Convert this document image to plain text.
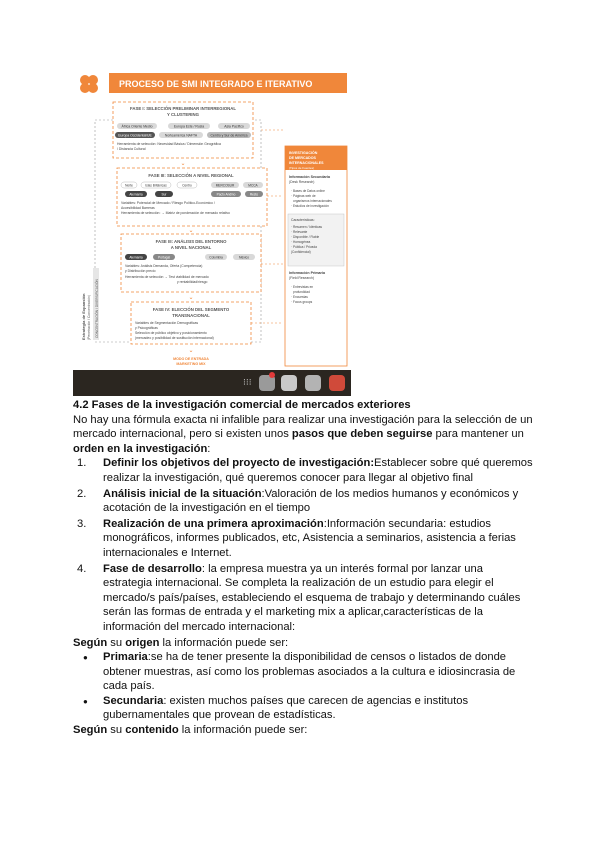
PROCESO DE SMI INTEGRADO E ITERATIVO
FASE I: SELECCIÓN PRELIMINAR INTERREGIONAL
Y CLUSTERING
África Oriente Medio	Europa Este / Rusia	Asia Pacífico
Europa Occidental/UE	Norteamérica NAFTA	Centro y Sur de América
Herramienta de selección: Necesidad Básica / Dimensión Geográfica
/ Distancia Cultural
⌄
FASE III: SELECCIÓN A NIVEL REGIONAL
Norte	Islas Británicas	Centro	MERCOSUR	MCCA
Alemania	Sur	Pacto Andino	Resto
Variables: Potencial de Mercado / Riesgo Político-Económico /
Accesibilidad Barreras
Herramienta de selección: → Matriz de ponderación de mercado relativo
⌄
FASE III: ANÁLISIS DEL ENTORNO
A NIVEL NACIONAL
Alemania	Portugal	Colombia	México
Variables: Análisis Demanda, Oferta (Competencia)
y Distribución precio
Herramienta de selección → Test viabilidad de mercado
y rentabilidad/riesgo
⌄
FASE IV: ELECCIÓN DEL SEGMENTO
TRANSNACIONAL
Variables de Segmentación Demográficas
y Psicográficas
Selección de público objetivo y posicionamiento
(mercadeo y posibilidad de sustitución internacional)
⌄
MODO DE ENTRADA
MARKETING MIX
Estrategia de Expansión (Penetración / Concentración)	CONCENTRACIÓN / DIVERSIFICACIÓN
INVESTIGACIÓN
DE MERCADOS
INTERNACIONALES
(Tipos de Fuentes)
Información Secundaria
(Desk Research)
· Bases de Datos online
· Páginas web de
organismos internacionales
· Estudios de investigación
Características:
· Resumen / Idénticas
· Relevante
· Disponible / Fiable
· Homogénea
· Pública / Privada
(Confidencial)
Información Primaria
(Field Research)
· Entrevistas en
profundidad
· Encuestas
· Focus groups
⁝⁝⁝

4.2 Fases de la investigación comercial de mercados exteriores

No hay una fórmula exacta ni infalible para realizar una investigación para la selección de un mercado internacional, pero si existen unos pasos que deben seguirse para mantener un orden en la investigación:

1. Definir los objetivos del proyecto de investigación:Establecer sobre qué queremos realizar la investigación, qué queremos conocer para llegar al objetivo final
2. Análisis inicial de la situación:Valoración de los medios humanos y económicos y acotación de la investigación en el tiempo
3. Realización de una primera aproximación:Información secundaria: estudios monográficos, informes publicados, etc, Asistencia a seminarios, asistencia a ferias internacionales e Internet.
4. Fase de desarrollo: la empresa muestra ya un interés formal por lanzar una estrategia internacional. Se completa la realización de un estudio para elegir el mercado/s país/países, estableciendo el esquema de trabajo y determinando cuáles serán las formas de entrada y el marketing mix a aplicar,características de la información del mercado internacional:

Según su origen la información puede ser:

● Primaria:se ha de tener presente la disponibilidad de censos o listados de donde obtener muestras, así como los problemas asociados a la cultura e idiosincrasia de cada país.
● Secundaria: existen muchos países que carecen de agencias e institutos gubernamentales que provean de estadísticas.

Según su contenido la información puede ser:
